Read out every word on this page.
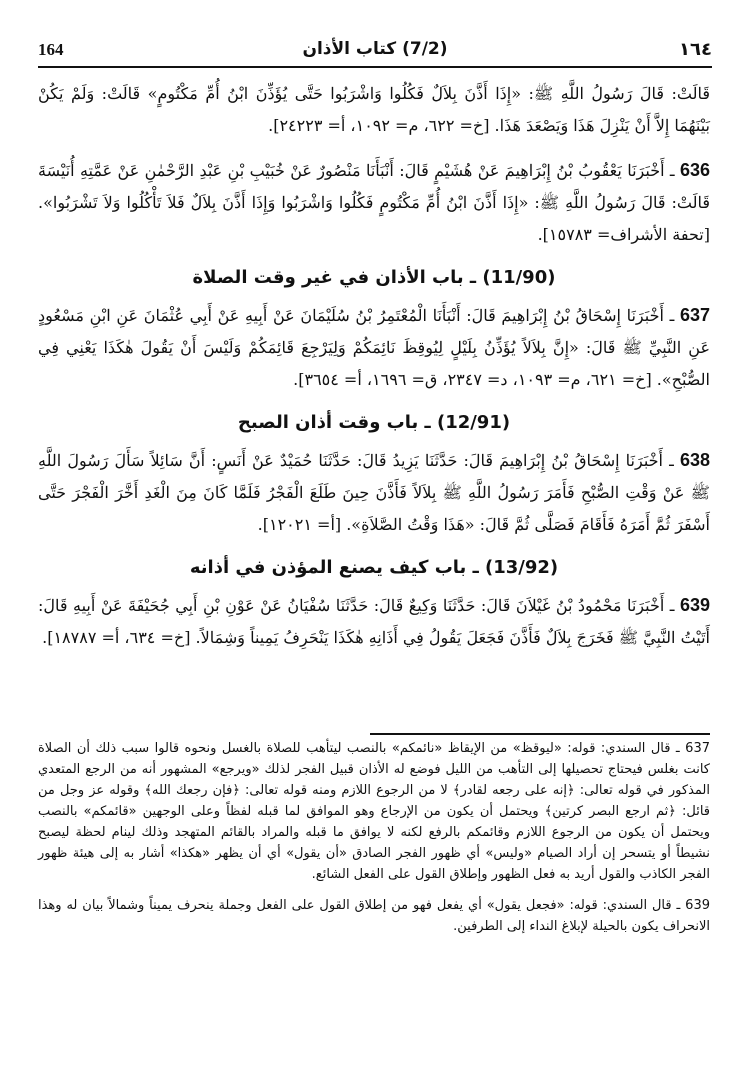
164	(7/2) كتاب الأذان	١٦٤

قَالَتْ: قَالَ رَسُولُ اللَّهِ ﷺ: «إِذَا أَذَّنَ بِلاَلٌ فَكُلُوا وَاشْرَبُوا حَتَّى يُؤَذِّنَ ابْنُ أُمِّ مَكْتُومٍ» قَالَتْ: وَلَمْ يَكُنْ بَيْنَهُمَا إِلاَّ أَنْ يَنْزِلَ هَذَا وَيَصْعَدَ هَذَا. [خ= ٦٢٢، م= ١٠٩٢، أ= ٢٤٢٢٣].

636 ـ أَخْبَرَنَا يَعْقُوبُ بْنُ إِبْرَاهِيمَ عَنْ هُشَيْمٍ قَالَ: أَنْبَأَنَا مَنْصُورٌ عَنْ خُبَيْبِ بْنِ عَبْدِ الرَّحْمٰنِ عَنْ عَمَّتِهِ أُنَيْسَةَ قَالَتْ: قَالَ رَسُولُ اللَّهِ ﷺ: «إِذَا أَذَّنَ ابْنُ أُمِّ مَكْتُومٍ فَكُلُوا وَاشْرَبُوا وَإِذَا أَذَّنَ بِلاَلٌ فَلاَ تَأْكُلُوا وَلاَ تَشْرَبُوا». [تحفة الأشراف= ١٥٧٨٣].

(11/90) ـ باب الأذان في غير وقت الصلاة

637 ـ أَخْبَرَنَا إِسْحَاقُ بْنُ إِبْرَاهِيمَ قَالَ: أَنْبَأَنَا الْمُعْتَمِرُ بْنُ سُلَيْمَانَ عَنْ أَبِيهِ عَنْ أَبِي عُثْمَانَ عَنِ ابْنِ مَسْعُودٍ عَنِ النَّبِيِّ ﷺ قَالَ: «إِنَّ بِلاَلاً يُؤَذِّنُ بِلَيْلٍ لِيُوقِظَ نَائِمَكُمْ وَلِيَرْجِعَ قَائِمَكُمْ وَلَيْسَ أَنْ يَقُولَ هٰكَذَا يَعْنِي فِي الصُّبْحِ». [خ= ٦٢١، م= ١٠٩٣، د= ٢٣٤٧، ق= ١٦٩٦، أ= ٣٦٥٤].

(12/91) ـ باب وقت أذان الصبح

638 ـ أَخْبَرَنَا إِسْحَاقُ بْنُ إِبْرَاهِيمَ قَالَ: حَدَّثَنَا يَزِيدُ قَالَ: حَدَّثَنَا حُمَيْدٌ عَنْ أَنَسٍ: أَنَّ سَائِلاً سَأَلَ رَسُولَ اللَّهِ ﷺ عَنْ وَقْتِ الصُّبْحِ فَأَمَرَ رَسُولُ اللَّهِ ﷺ بِلاَلاً فَأَذَّنَ حِينَ طَلَعَ الْفَجْرُ فَلَمَّا كَانَ مِنَ الْغَدِ أَخَّرَ الْفَجْرَ حَتَّى أَسْفَرَ ثُمَّ أَمَرَهُ فَأَقَامَ فَصَلَّى ثُمَّ قَالَ: «هَذَا وَقْتُ الصَّلاَةِ». [أ= ١٢٠٢١].

(13/92) ـ باب كيف يصنع المؤذن في أذانه

639 ـ أَخْبَرَنَا مَحْمُودُ بْنُ غَيْلاَنَ قَالَ: حَدَّثَنَا وَكِيعٌ قَالَ: حَدَّثَنَا سُفْيَانُ عَنْ عَوْنِ بْنِ أَبِي جُحَيْفَةَ عَنْ أَبِيهِ قَالَ: أَتَيْتُ النَّبِيَّ ﷺ فَخَرَجَ بِلاَلٌ فَأَذَّنَ فَجَعَلَ يَقُولُ فِي أَذَانِهِ هٰكَذَا يَنْحَرِفُ يَمِيناً وَشِمَالاً. [خ= ٦٣٤، أ= ١٨٧٨٧].

637 ـ قال السندي: قوله: «ليوقظ» من الإيقاظ «نائمكم» بالنصب ليتأهب للصلاة بالغسل ونحوه قالوا سبب ذلك أن الصلاة كانت بغلس فيحتاج تحصيلها إلى التأهب من الليل فوضع له الأذان قبيل الفجر لذلك «ويرجع» المشهور أنه من الرجع المتعدي المذكور في قوله تعالى: ﴿إنه على رجعه لقادر﴾ لا من الرجوع اللازم ومنه قوله تعالى: ﴿فإن رجعك الله﴾ وقوله عز وجل من قائل: ﴿ثم ارجع البصر كرتين﴾ ويحتمل أن يكون من الإرجاع وهو الموافق لما قبله لفظاً وعلى الوجهين «قائمكم» بالنصب ويحتمل أن يكون من الرجوع اللازم وقائمكم بالرفع لكنه لا يوافق ما قبله والمراد بالقائم المتهجد وذلك لينام لحظة ليصبح نشيطاً أو يتسحر إن أراد الصيام «وليس» أي ظهور الفجر الصادق «أن يقول» أي أن يظهر «هكذا» أشار به إلى هيئة ظهور الفجر الكاذب والقول أريد به فعل الظهور وإطلاق القول على الفعل الشائع.

639 ـ قال السندي: قوله: «فجعل يقول» أي يفعل فهو من إطلاق القول على الفعل وجملة ينحرف يميناً وشمالاً بيان له وهذا الانحراف يكون بالحيلة لإبلاغ النداء إلى الطرفين.
